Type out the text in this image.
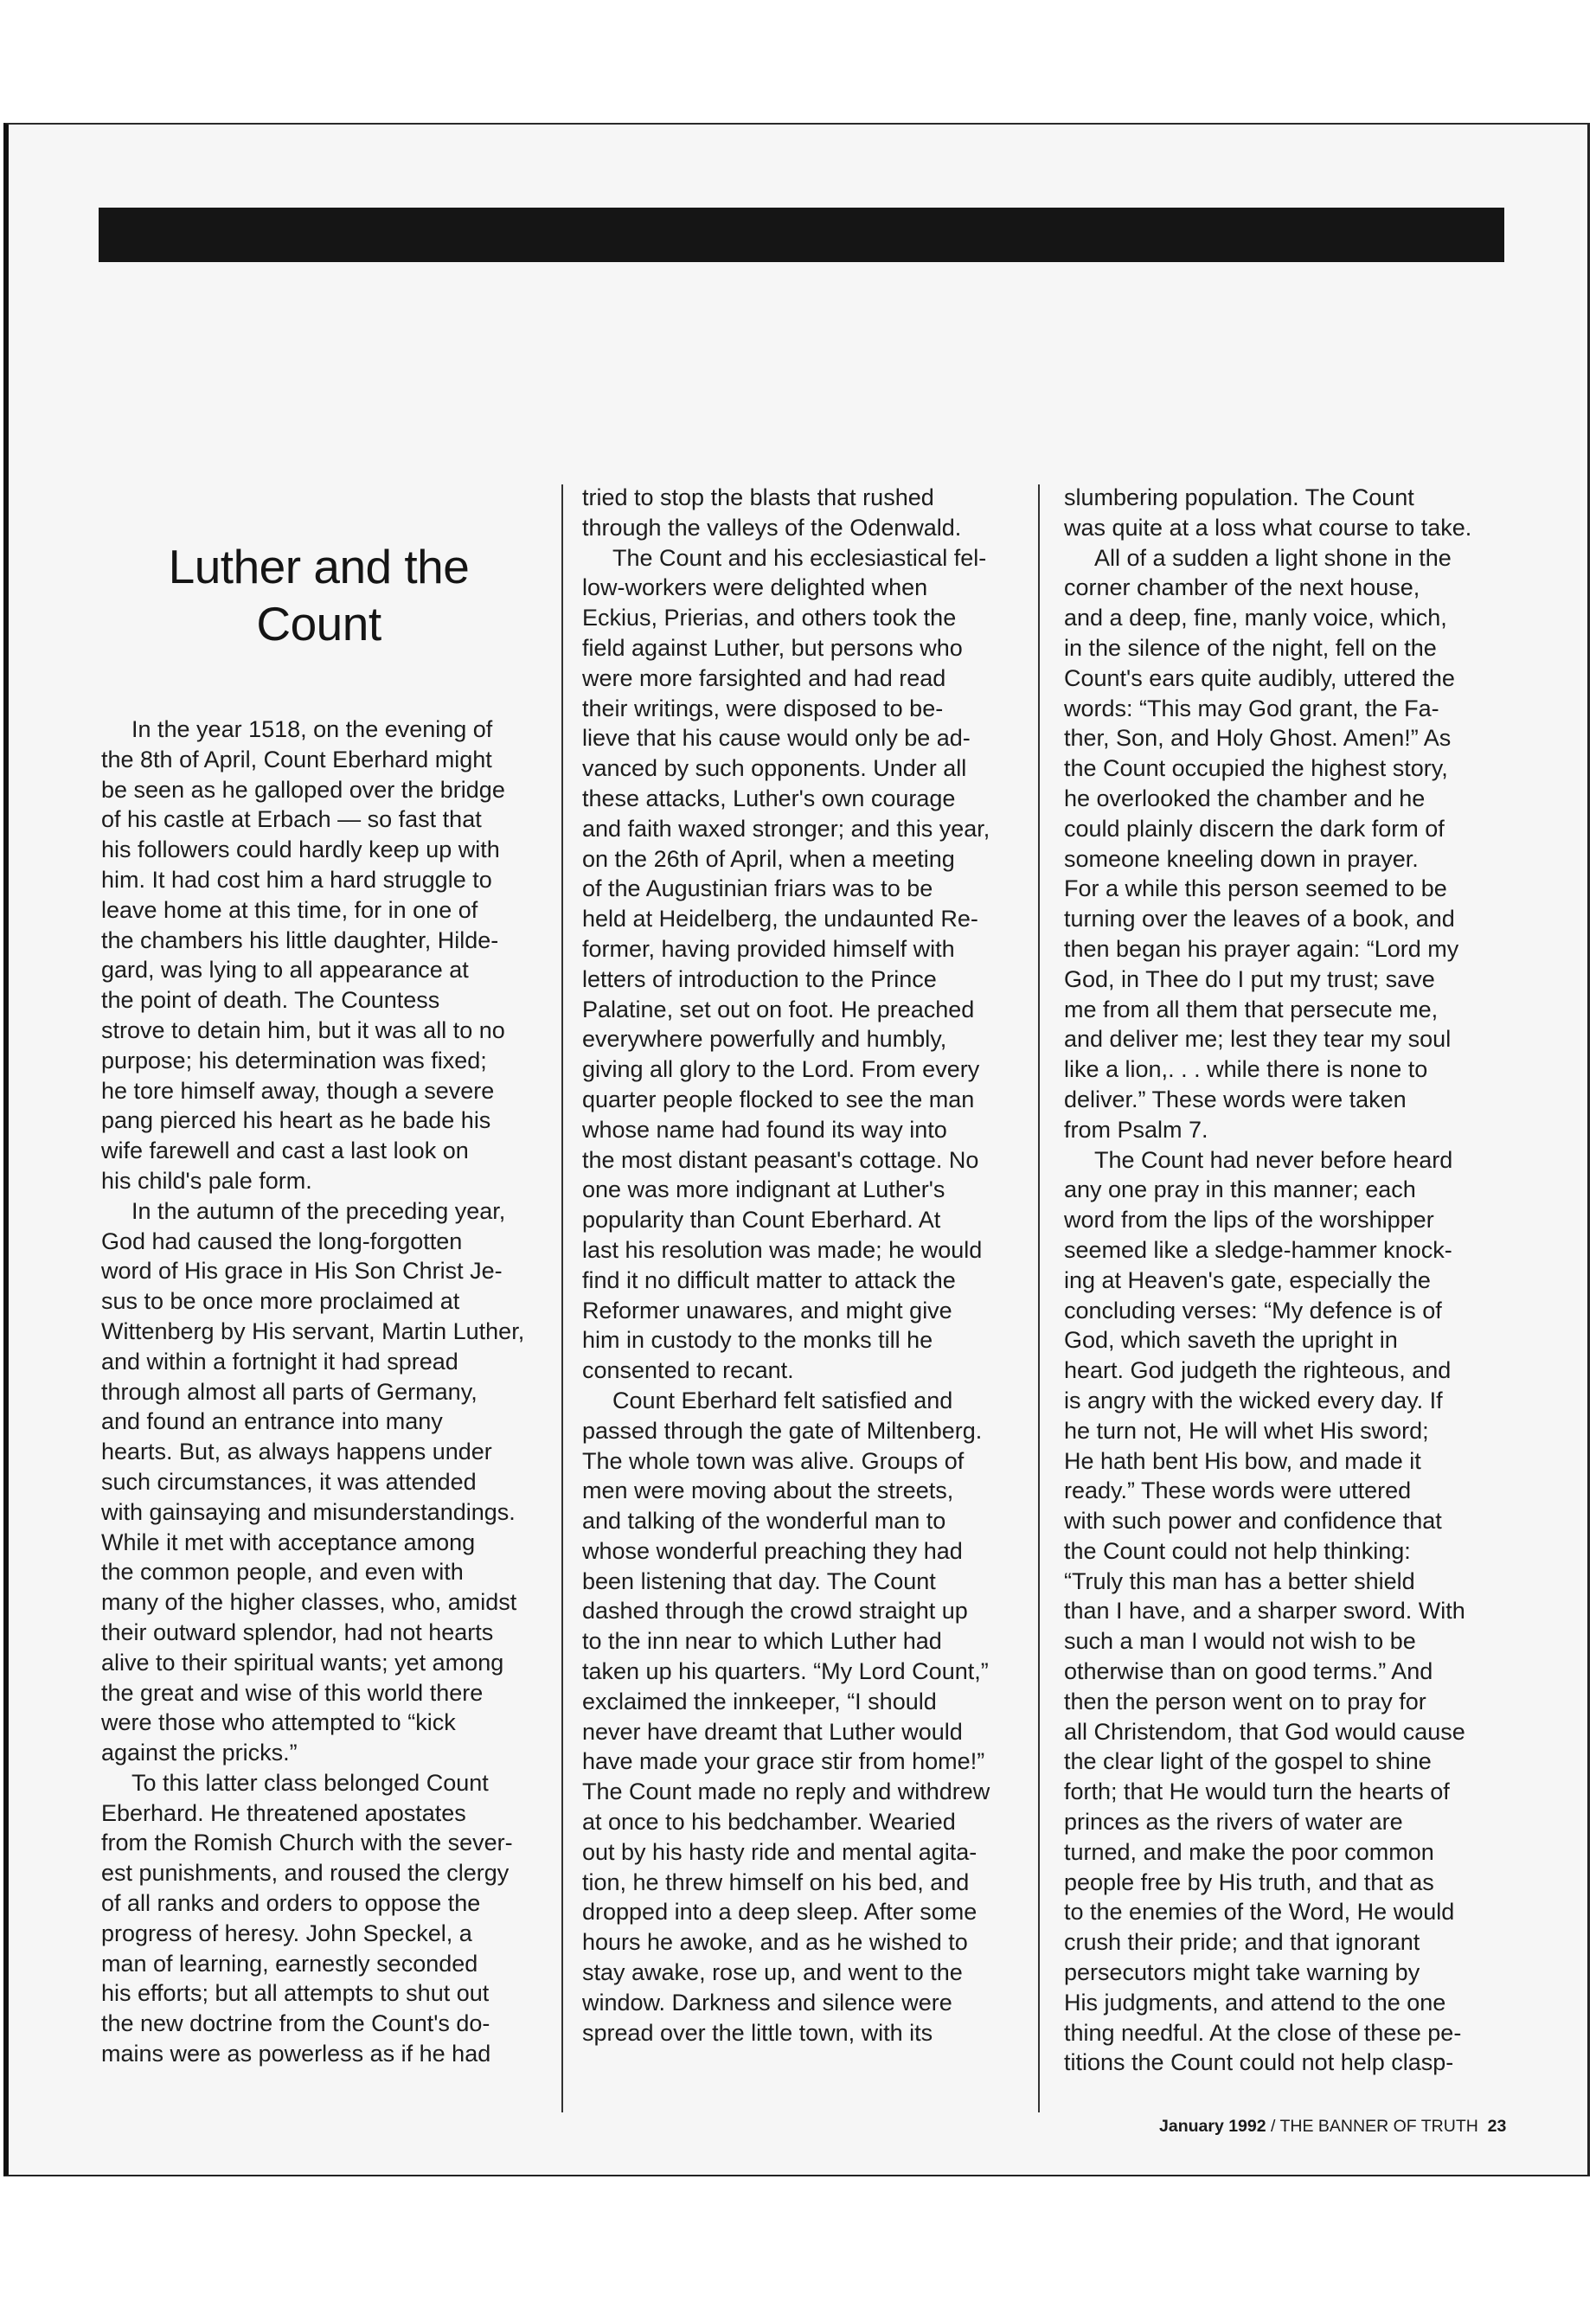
Luther and the
Count
In the year 1518, on the evening of
the 8th of April, Count Eberhard might
be seen as he galloped over the bridge
of his castle at Erbach — so fast that
his followers could hardly keep up with
him. It had cost him a hard struggle to
leave home at this time, for in one of
the chambers his little daughter, Hilde-
gard, was lying to all appearance at
the point of death. The Countess
strove to detain him, but it was all to no
purpose; his determination was fixed;
he tore himself away, though a severe
pang pierced his heart as he bade his
wife farewell and cast a last look on
his child's pale form.
In the autumn of the preceding year,
God had caused the long-forgotten
word of His grace in His Son Christ Je-
sus to be once more proclaimed at
Wittenberg by His servant, Martin Luther,
and within a fortnight it had spread
through almost all parts of Germany,
and found an entrance into many
hearts. But, as always happens under
such circumstances, it was attended
with gainsaying and misunderstandings.
While it met with acceptance among
the common people, and even with
many of the higher classes, who, amidst
their outward splendor, had not hearts
alive to their spiritual wants; yet among
the great and wise of this world there
were those who attempted to “kick
against the pricks.”
To this latter class belonged Count
Eberhard. He threatened apostates
from the Romish Church with the sever-
est punishments, and roused the clergy
of all ranks and orders to oppose the
progress of heresy. John Speckel, a
man of learning, earnestly seconded
his efforts; but all attempts to shut out
the new doctrine from the Count's do-
mains were as powerless as if he had
tried to stop the blasts that rushed
through the valleys of the Odenwald.
The Count and his ecclesiastical fel-
low-workers were delighted when
Eckius, Prierias, and others took the
field against Luther, but persons who
were more farsighted and had read
their writings, were disposed to be-
lieve that his cause would only be ad-
vanced by such opponents. Under all
these attacks, Luther's own courage
and faith waxed stronger; and this year,
on the 26th of April, when a meeting
of the Augustinian friars was to be
held at Heidelberg, the undaunted Re-
former, having provided himself with
letters of introduction to the Prince
Palatine, set out on foot. He preached
everywhere powerfully and humbly,
giving all glory to the Lord. From every
quarter people flocked to see the man
whose name had found its way into
the most distant peasant's cottage. No
one was more indignant at Luther's
popularity than Count Eberhard. At
last his resolution was made; he would
find it no difficult matter to attack the
Reformer unawares, and might give
him in custody to the monks till he
consented to recant.
Count Eberhard felt satisfied and
passed through the gate of Miltenberg.
The whole town was alive. Groups of
men were moving about the streets,
and talking of the wonderful man to
whose wonderful preaching they had
been listening that day. The Count
dashed through the crowd straight up
to the inn near to which Luther had
taken up his quarters. “My Lord Count,”
exclaimed the innkeeper, “I should
never have dreamt that Luther would
have made your grace stir from home!”
The Count made no reply and withdrew
at once to his bedchamber. Wearied
out by his hasty ride and mental agita-
tion, he threw himself on his bed, and
dropped into a deep sleep. After some
hours he awoke, and as he wished to
stay awake, rose up, and went to the
window. Darkness and silence were
spread over the little town, with its
slumbering population. The Count
was quite at a loss what course to take.
All of a sudden a light shone in the
corner chamber of the next house,
and a deep, fine, manly voice, which,
in the silence of the night, fell on the
Count's ears quite audibly, uttered the
words: “This may God grant, the Fa-
ther, Son, and Holy Ghost. Amen!” As
the Count occupied the highest story,
he overlooked the chamber and he
could plainly discern the dark form of
someone kneeling down in prayer.
For a while this person seemed to be
turning over the leaves of a book, and
then began his prayer again: “Lord my
God, in Thee do I put my trust; save
me from all them that persecute me,
and deliver me; lest they tear my soul
like a lion,. . . while there is none to
deliver.” These words were taken
from Psalm 7.
The Count had never before heard
any one pray in this manner; each
word from the lips of the worshipper
seemed like a sledge-hammer knock-
ing at Heaven's gate, especially the
concluding verses: “My defence is of
God, which saveth the upright in
heart. God judgeth the righteous, and
is angry with the wicked every day. If
he turn not, He will whet His sword;
He hath bent His bow, and made it
ready.” These words were uttered
with such power and confidence that
the Count could not help thinking:
“Truly this man has a better shield
than I have, and a sharper sword. With
such a man I would not wish to be
otherwise than on good terms.” And
then the person went on to pray for
all Christendom, that God would cause
the clear light of the gospel to shine
forth; that He would turn the hearts of
princes as the rivers of water are
turned, and make the poor common
people free by His truth, and that as
to the enemies of the Word, He would
crush their pride; and that ignorant
persecutors might take warning by
His judgments, and attend to the one
thing needful. At the close of these pe-
titions the Count could not help clasp-
January 1992 / THE BANNER OF TRUTH 23
